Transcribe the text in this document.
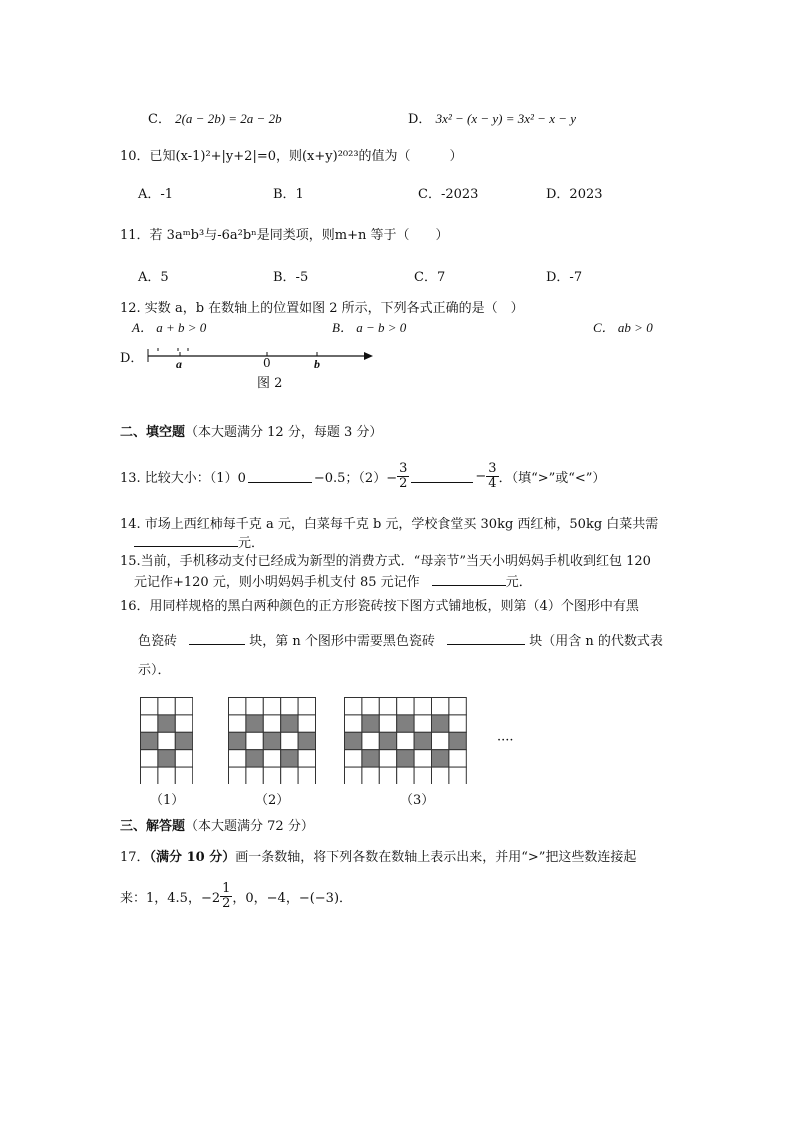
C． 2(a − 2b) = 2a − 2b	D． 3x² − (x − y) = 3x² − x − y
10．已知(x-1)²+|y+2|=0，则(x+y)²⁰²³的值为（　　　）
A．-1	B．1	C．-2023	D．2023
11．若 3aᵐb³与-6a²bⁿ是同类项，则m+n 等于（　　）
A．5	B．-5	C．7	D．-7
12. 实数 a，b 在数轴上的位置如图 2 所示，下列各式正确的是（　）
A． a + b > 0	B． a − b > 0	C． ab > 0
D．	a	0	b
图 2
二、填空题（本大题满分 12 分，每题 3 分）
13. 比较大小：（1）0	−0.5；$(2)- \frac{3}{2}$	− $\frac{3}{4}$ ．（填“>”或“<”）
14. 市场上西红柿每千克 a 元，白菜每千克 b 元，学校食堂买 30kg 西红柿，50kg 白菜共需
元．
15.当前，手机移动支付已经成为新型的消费方式．“母亲节”当天小明妈妈手机收到红包 120
元记作+120 元，则小明妈妈手机支付 85 元记作	元．
16．用同样规格的黑白两种颜色的正方形瓷砖按下图方式铺地板，则第（4）个图形中有黑
色瓷砖	块，第 n 个图形中需要黑色瓷砖	块（用含 n 的代数式表
示）．
····
（1）	（2）	（3）
三、解答题（本大题满分 72 分）
17．（满分 10 分）画一条数轴，将下列各数在数轴上表示出来，并用“>”把这些数连接起
来：1，4.5，$-2 \frac{1}{2}$ ，0，−4，−(−3)．
